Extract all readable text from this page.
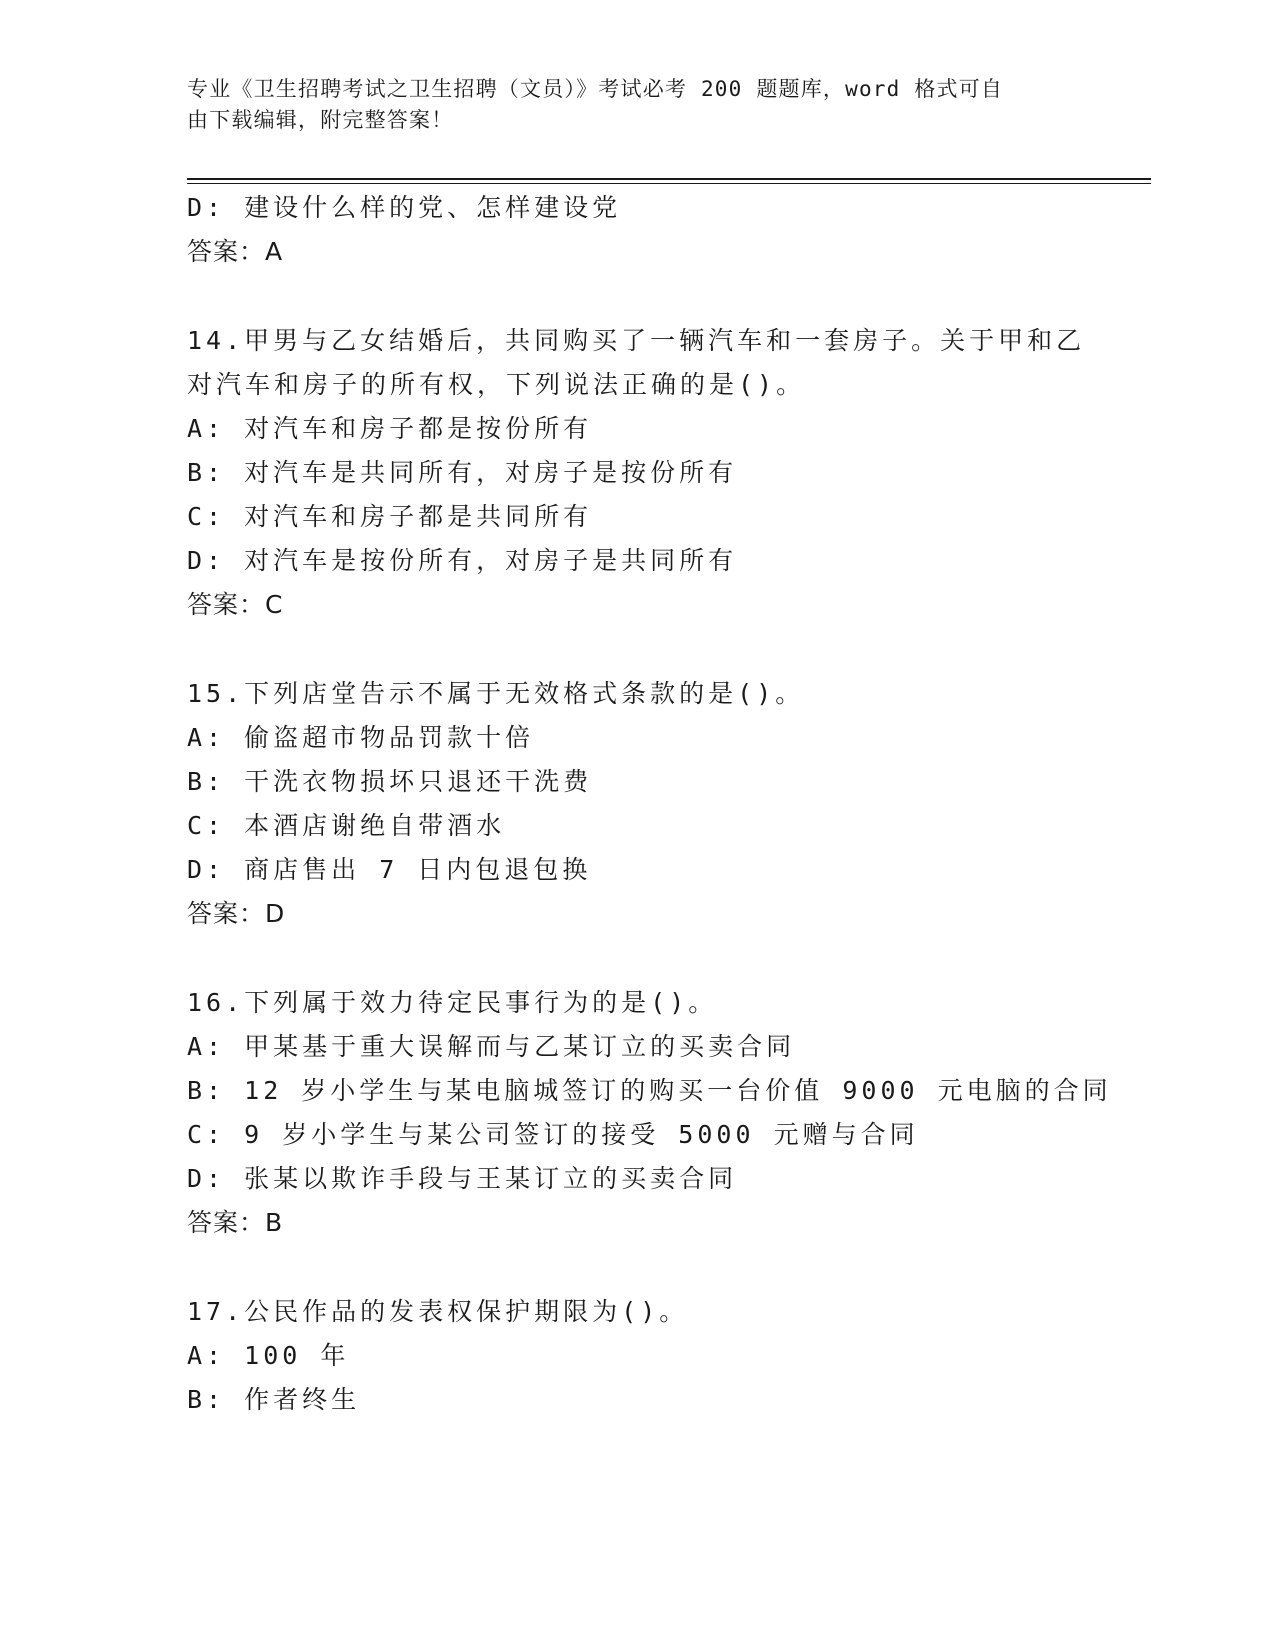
专业《卫生招聘考试之卫生招聘（文员）》考试必考 200 题题库，word 格式可自
由下载编辑，附完整答案！
D: 建设什么样的党、怎样建设党
答案：A
14.甲男与乙女结婚后，共同购买了一辆汽车和一套房子。关于甲和乙
对汽车和房子的所有权，下列说法正确的是()。
A: 对汽车和房子都是按份所有
B: 对汽车是共同所有，对房子是按份所有
C: 对汽车和房子都是共同所有
D: 对汽车是按份所有，对房子是共同所有
答案：C
15.下列店堂告示不属于无效格式条款的是()。
A: 偷盗超市物品罚款十倍
B: 干洗衣物损坏只退还干洗费
C: 本酒店谢绝自带酒水
D: 商店售出 7 日内包退包换
答案：D
16.下列属于效力待定民事行为的是()。
A: 甲某基于重大误解而与乙某订立的买卖合同
B: 12 岁小学生与某电脑城签订的购买一台价值 9000 元电脑的合同
C: 9 岁小学生与某公司签订的接受 5000 元赠与合同
D: 张某以欺诈手段与王某订立的买卖合同
答案：B
17.公民作品的发表权保护期限为()。
A: 100 年
B: 作者终生
